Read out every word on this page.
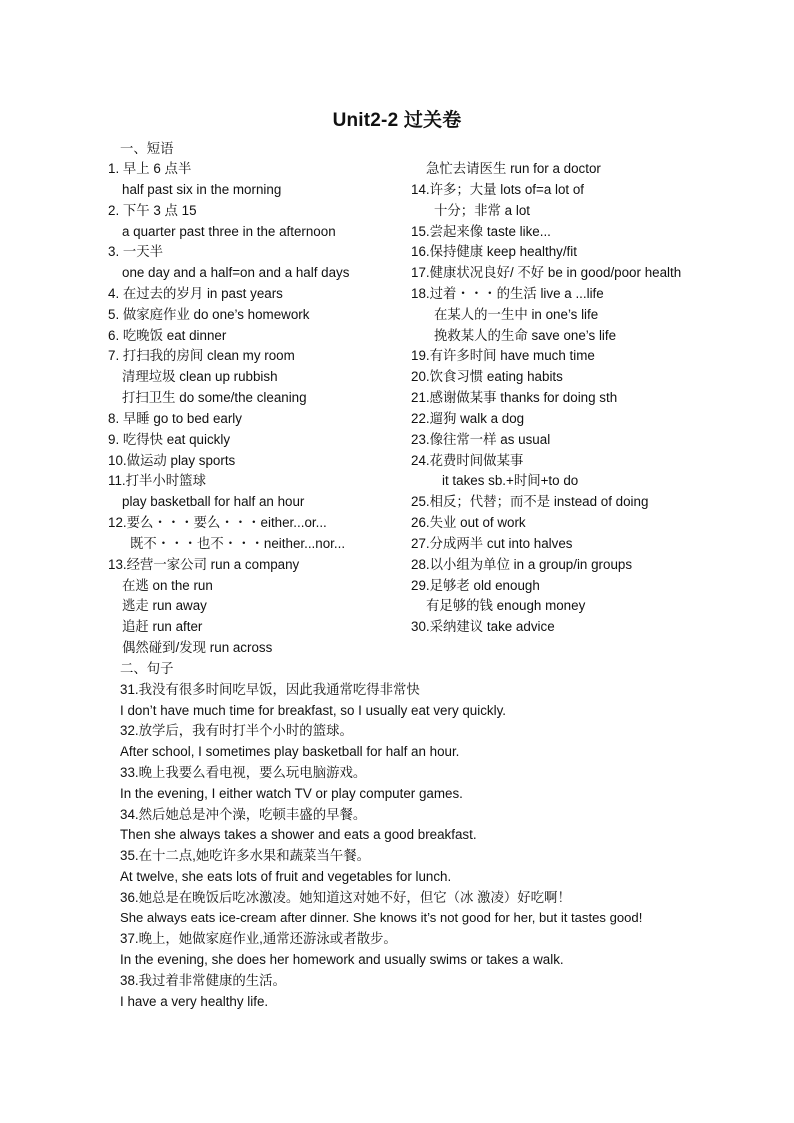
Unit2-2 过关卷
一、短语
1. 早上 6 点半
half past six in the morning
2. 下午 3 点 15
a quarter past three in the afternoon
3. 一天半
one day and a half=on and a half days
4. 在过去的岁月 in past years
5. 做家庭作业 do one’s homework
6. 吃晚饭 eat dinner
7. 打扫我的房间 clean my room
清理垃圾 clean up rubbish
打扫卫生 do some/the cleaning
8. 早睡 go to bed early
9. 吃得快 eat quickly
10.做运动 play sports
11.打半小时篮球
play basketball for half an hour
12.要么・・・要么・・・either...or...
既不・・・也不・・・neither...nor...
13.经营一家公司 run a company
在逃 on the run
逃走 run away
追赶 run after
偶然碰到/发现 run across
急忙去请医生 run for a doctor
14.许多；大量 lots of=a lot of
十分；非常 a lot
15.尝起来像 taste like...
16.保持健康 keep healthy/fit
17.健康状况良好/ 不好 be in good/poor health
18.过着・・・的生活 live a ...life
在某人的一生中 in one’s life
挽救某人的生命 save one’s life
19.有许多时间 have much time
20.饮食习惯 eating habits
21.感谢做某事 thanks for doing sth
22.遛狗 walk a dog
23.像往常一样 as usual
24.花费时间做某事
it takes sb.+时间+to do
25.相反；代替；而不是 instead of doing
26.失业 out of work
27.分成两半 cut into halves
28.以小组为单位 in a group/in groups
29.足够老 old enough
有足够的钱 enough money
30.采纳建议 take advice
二、句子
31.我没有很多时间吃早饭，因此我通常吃得非常快
I don’t have much time for breakfast, so I usually eat very quickly.
32.放学后，我有时打半个小时的篮球。
After school, I sometimes play basketball for half an hour.
33.晚上我要么看电视，要么玩电脑游戏。
In the evening, I either watch TV or play computer games.
34.然后她总是冲个澡，吃顿丰盛的早餐。
Then she always takes a shower and eats a good breakfast.
35.在十二点,她吃许多水果和蔬菜当午餐。
At twelve, she eats lots of fruit and vegetables for lunch.
36.她总是在晚饭后吃冰激凌。她知道这对她不好，但它（冰 激凌）好吃啊！
She always eats ice-cream after dinner. She knows it’s not good for her, but it tastes good!
37.晚上，她做家庭作业,通常还游泳或者散步。
In the evening, she does her homework and usually swims or takes a walk.
38.我过着非常健康的生活。
I have a very healthy life.
